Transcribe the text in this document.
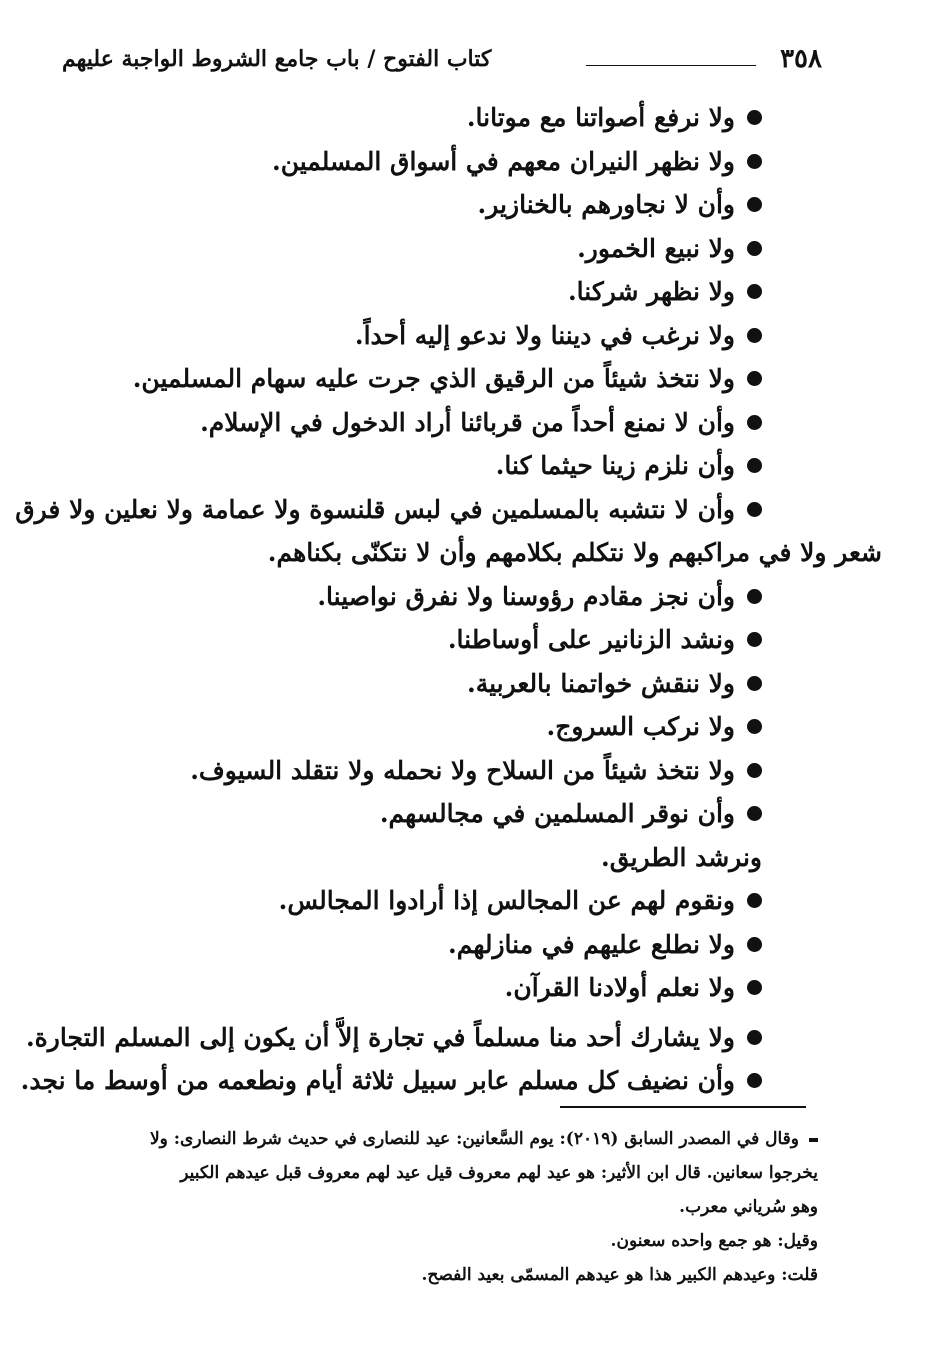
٣٥٨
كتاب الفتوح / باب جامع الشروط الواجبة عليهم
ولا نرفع أصواتنا مع موتانا.
ولا نظهر النيران معهم في أسواق المسلمين.
وأن لا نجاورهم بالخنازير.
ولا نبيع الخمور.
ولا نظهر شركنا.
ولا نرغب في ديننا ولا ندعو إليه أحداً.
ولا نتخذ شيئاً من الرقيق الذي جرت عليه سهام المسلمين.
وأن لا نمنع أحداً من قربائنا أراد الدخول في الإسلام.
وأن نلزم زينا حيثما كنا.
وأن لا نتشبه بالمسلمين في لبس قلنسوة ولا عمامة ولا نعلين ولا فرق
شعر ولا في مراكبهم ولا نتكلم بكلامهم وأن لا نتكنّى بكناهم.
وأن نجز مقادم رؤوسنا ولا نفرق نواصينا.
ونشد الزنانير على أوساطنا.
ولا ننقش خواتمنا بالعربية.
ولا نركب السروج.
ولا نتخذ شيئاً من السلاح ولا نحمله ولا نتقلد السيوف.
وأن نوقر المسلمين في مجالسهم.
ونرشد الطريق.
ونقوم لهم عن المجالس إذا أرادوا المجالس.
ولا نطلع عليهم في منازلهم.
ولا نعلم أولادنا القرآن.
ولا يشارك أحد منا مسلماً في تجارة إلاَّ أن يكون إلى المسلم التجارة.
وأن نضيف كل مسلم عابر سبيل ثلاثة أيام ونطعمه من أوسط ما نجد.
وقال في المصدر السابق (٢٠١٩): يوم السَّعانين: عيد للنصارى في حديث شرط النصارى: ولا
يخرجوا سعانين. قال ابن الأثير: هو عيد لهم معروف قيل عيد لهم معروف قبل عيدهم الكبير
وهو سُرياني معرب.
وقيل: هو جمع واحده سعنون.
قلت: وعيدهم الكبير هذا هو عيدهم المسمّى بعيد الفصح.
